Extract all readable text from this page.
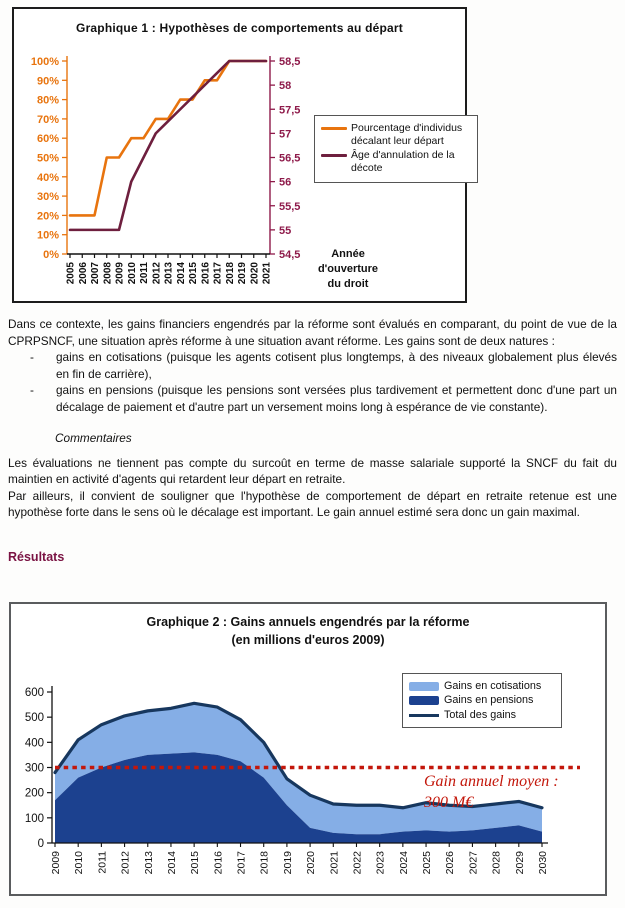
Graphique 1 : Hypothèses de comportements au départ
0%
10%
20%
30%
40%
50%
60%
70%
80%
90%
100%
54,5
55
55,5
56
56,5
57
57,5
58
58,5
2005 2006 2007 2008 2009 2010 2011 2012 2013 2014 2015 2016 2017 2018 2019 2020 2021
Pourcentage d'individus décalant leur départ
Âge d'annulation de la décote
Année
d'ouverture
du droit

Dans ce contexte, les gains financiers engendrés par la réforme sont évalués en comparant, du point de vue de la CPRPSNCF, une situation après réforme à une situation avant réforme. Les gains sont de deux natures :

-	gains en cotisations (puisque les agents cotisent plus longtemps, à des niveaux globalement plus élevés en fin de carrière),
-	gains en pensions (puisque les pensions sont versées plus tardivement et permettent donc d'une part un décalage de paiement et d'autre part un versement moins long à espérance de vie constante).
Commentaires

Les évaluations ne tiennent pas compte du surcoût en terme de masse salariale supporté la SNCF du fait du maintien en activité d'agents qui retardent leur départ en retraite.

Par ailleurs, il convient de souligner que l'hypothèse de comportement de départ en retraite retenue est une hypothèse forte dans le sens où le décalage est important. Le gain annuel estimé sera donc un gain maximal.

Résultats
Graphique 2 : Gains annuels engendrés par la réforme
(en millions d'euros 2009)
0
100
200
300
400
500
600
2009 2010 2011 2012 2013 2014 2015 2016 2017 2018 2019 2020 2021 2022 2023 2024 2025 2026 2027 2028 2029 2030
Gains en cotisations
Gains en pensions
Total des gains
Gain annuel moyen :
300 M€
